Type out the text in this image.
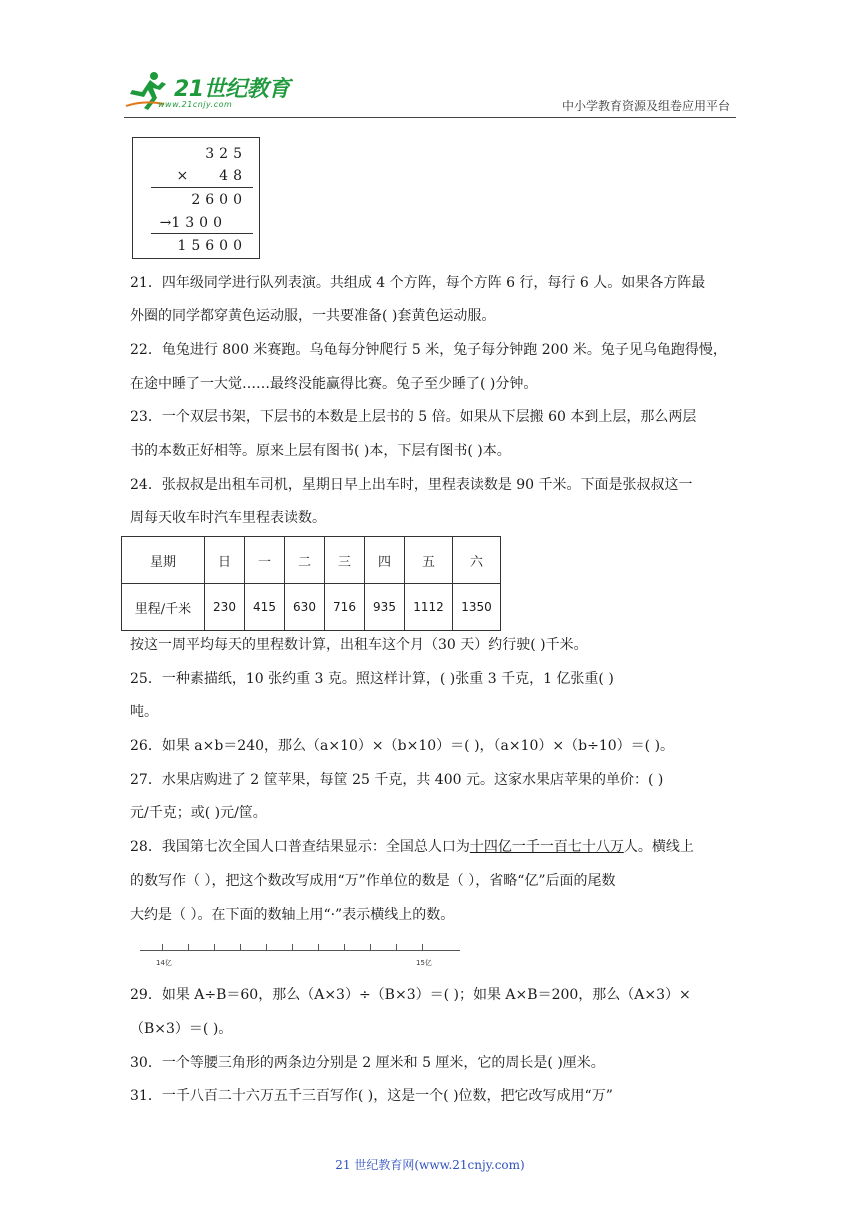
21世纪教育
www.21cnjy.com	中小学教育资源及组卷应用平台
325
× 48
2600
→1300
15600
21．四年级同学进行队列表演。共组成 4 个方阵，每个方阵 6 行，每行 6 人。如果各方阵最
外圈的同学都穿黄色运动服，一共要准备( )套黄色运动服。
22．龟兔进行 800 米赛跑。乌龟每分钟爬行 5 米，兔子每分钟跑 200 米。兔子见乌龟跑得慢，
在途中睡了一大觉……最终没能赢得比赛。兔子至少睡了( )分钟。
23．一个双层书架，下层书的本数是上层书的 5 倍。如果从下层搬 60 本到上层，那么两层
书的本数正好相等。原来上层有图书( )本，下层有图书( )本。
24．张叔叔是出租车司机，星期日早上出车时，里程表读数是 90 千米。下面是张叔叔这一
周每天收车时汽车里程表读数。
星期	日	一	二	三	四	五	六
里程/千米	230	415	630	716	935	1112	1350
按这一周平均每天的里程数计算，出租车这个月（30 天）约行驶( )千米。
25．一种素描纸，10 张约重 3 克。照这样计算，( )张重 3 千克，1 亿张重( )
吨。
26．如果 a×b＝240，那么（a×10）×（b×10）＝( )，（a×10）×（b÷10）＝( )。
27．水果店购进了 2 筐苹果，每筐 25 千克，共 400 元。这家水果店苹果的单价：( )
元/千克；或( )元/筐。
28．我国第七次全国人口普查结果显示：全国总人口为十四亿一千一百七十八万人。横线上
的数写作（ ），把这个数改写成用“万”作单位的数是（ ），省略“亿”后面的尾数
大约是（ ）。在下面的数轴上用“·”表示横线上的数。
14亿	15亿
29．如果 A÷B＝60，那么（A×3）÷（B×3）＝( )；如果 A×B＝200，那么（A×3）×
（B×3）＝( )。
30．一个等腰三角形的两条边分别是 2 厘米和 5 厘米，它的周长是( )厘米。
31．一千八百二十六万五千三百写作( )，这是一个( )位数，把它改写成用“万”
21 世纪教育网(www.21cnjy.com)
